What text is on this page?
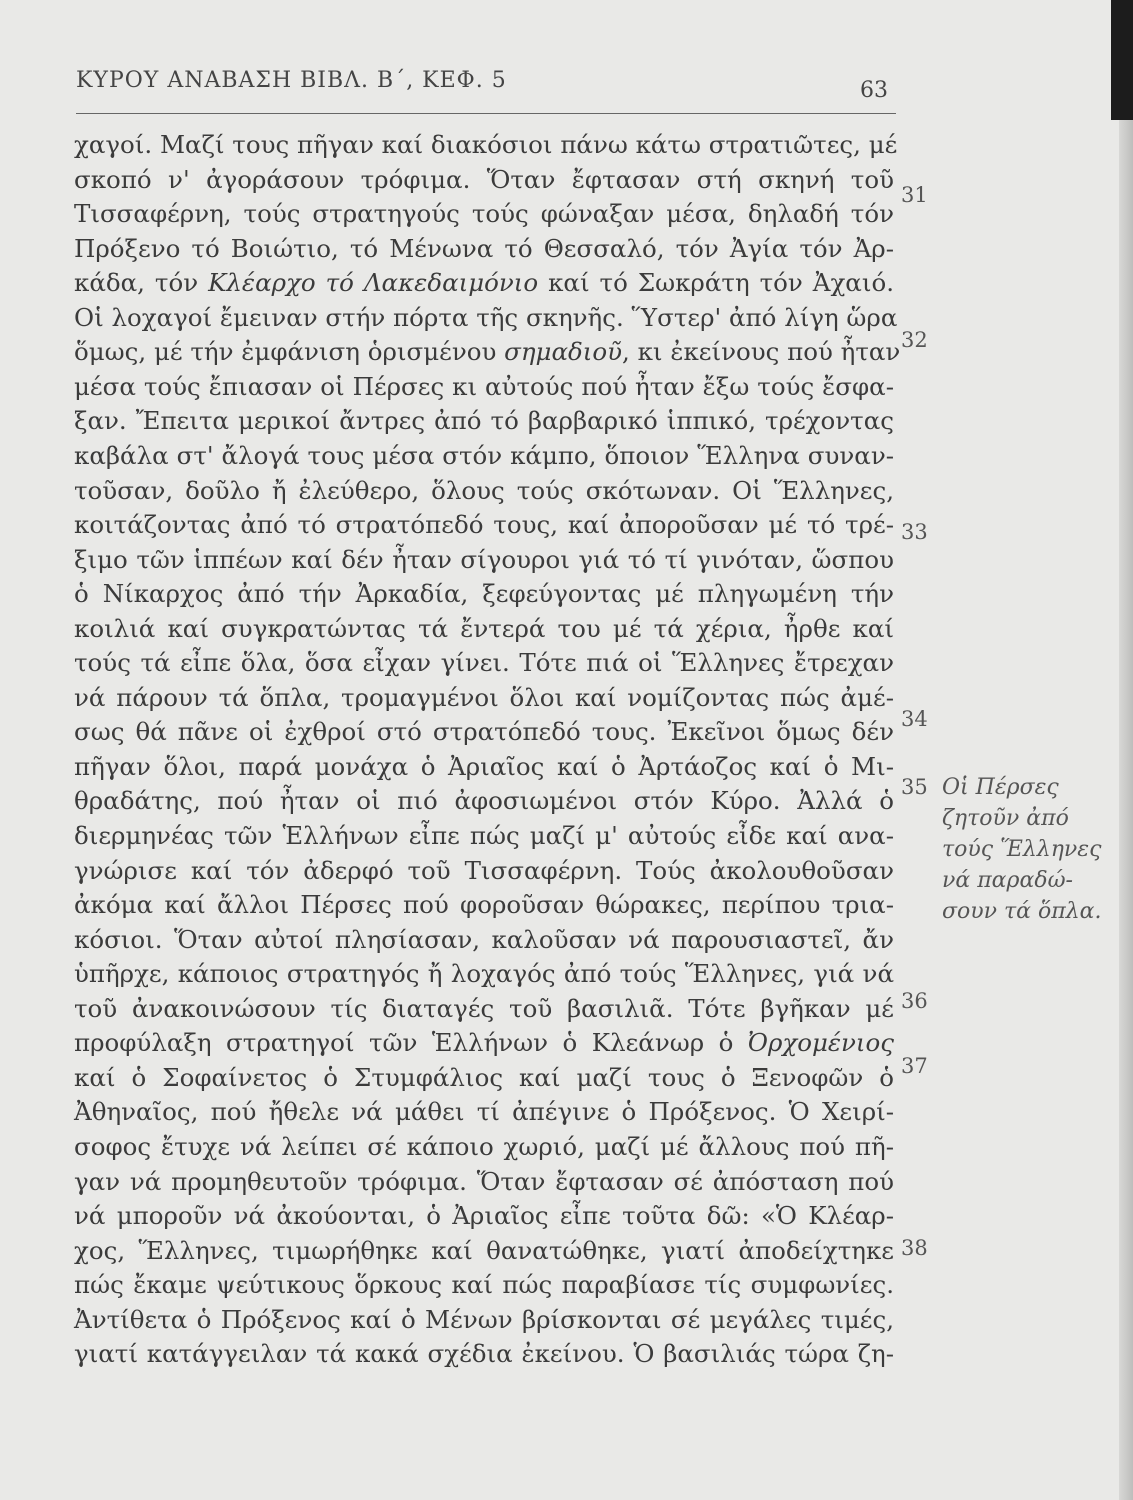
ΚΥΡΟΥ ΑΝΑΒΑΣΗ ΒΙΒΛ. Β΄, ΚΕΦ. 5	63
χαγοί. Μαζί τους πῆγαν καί διακόσιοι πάνω κάτω στρατιῶτες, μέ
σκοπό ν' ἀγοράσουν τρόφιμα. Ὅταν ἔφτασαν στή σκηνή τοῦ
Τισσαφέρνη, τούς στρατηγούς τούς φώναξαν μέσα, δηλαδή τόν
Πρόξενο τό Βοιώτιο, τό Μένωνα τό Θεσσαλό, τόν Ἀγία τόν Ἀρ-
κάδα, τόν Κλέαρχο τό Λακεδαιμόνιο καί τό Σωκράτη τόν Ἀχαιό.
Οἱ λοχαγοί ἔμειναν στήν πόρτα τῆς σκηνῆς. Ὕστερ' ἀπό λίγη ὥρα
ὅμως, μέ τήν ἐμφάνιση ὁρισμένου σημαδιοῦ, κι ἐκείνους πού ἦταν
μέσα τούς ἔπιασαν οἱ Πέρσες κι αὐτούς πού ἦταν ἔξω τούς ἔσφα-
ξαν. Ἔπειτα μερικοί ἄντρες ἀπό τό βαρβαρικό ἱππικό, τρέχοντας
καβάλα στ' ἄλογά τους μέσα στόν κάμπο, ὅποιον Ἕλληνα συναν-
τοῦσαν, δοῦλο ἤ ἐλεύθερο, ὅλους τούς σκότωναν. Οἱ Ἕλληνες,
κοιτάζοντας ἀπό τό στρατόπεδό τους, καί ἀποροῦσαν μέ τό τρέ-
ξιμο τῶν ἱππέων καί δέν ἦταν σίγουροι γιά τό τί γινόταν, ὥσπου
ὁ Νίκαρχος ἀπό τήν Ἀρκαδία, ξεφεύγοντας μέ πληγωμένη τήν
κοιλιά καί συγκρατώντας τά ἔντερά του μέ τά χέρια, ἦρθε καί
τούς τά εἶπε ὅλα, ὅσα εἶχαν γίνει. Τότε πιά οἱ Ἕλληνες ἔτρεχαν
νά πάρουν τά ὅπλα, τρομαγμένοι ὅλοι καί νομίζοντας πώς ἀμέ-
σως θά πᾶνε οἱ ἐχθροί στό στρατόπεδό τους. Ἐκεῖνοι ὅμως δέν
πῆγαν ὅλοι, παρά μονάχα ὁ Ἀριαῖος καί ὁ Ἀρτάοζος καί ὁ Μι-
θραδάτης, πού ἦταν οἱ πιό ἀφοσιωμένοι στόν Κύρο. Ἀλλά ὁ
διερμηνέας τῶν Ἑλλήνων εἶπε πώς μαζί μ' αὐτούς εἶδε καί ανα-
γνώρισε καί τόν ἀδερφό τοῦ Τισσαφέρνη. Τούς ἀκολουθοῦσαν
ἀκόμα καί ἄλλοι Πέρσες πού φοροῦσαν θώρακες, περίπου τρια-
κόσιοι. Ὅταν αὐτοί πλησίασαν, καλοῦσαν νά παρουσιαστεῖ, ἄν
ὑπῆρχε, κάποιος στρατηγός ἤ λοχαγός ἀπό τούς Ἕλληνες, γιά νά
τοῦ ἀνακοινώσουν τίς διαταγές τοῦ βασιλιᾶ. Τότε βγῆκαν μέ
προφύλαξη στρατηγοί τῶν Ἑλλήνων ὁ Κλεάνωρ ὁ Ὀρχομένιος
καί ὁ Σοφαίνετος ὁ Στυμφάλιος καί μαζί τους ὁ Ξενοφῶν ὁ
Ἀθηναῖος, πού ἤθελε νά μάθει τί ἀπέγινε ὁ Πρόξενος. Ὁ Χειρί-
σοφος ἔτυχε νά λείπει σέ κάποιο χωριό, μαζί μέ ἄλλους πού πῆ-
γαν νά προμηθευτοῦν τρόφιμα. Ὅταν ἔφτασαν σέ ἀπόσταση πού
νά μποροῦν νά ἀκούονται, ὁ Ἀριαῖος εἶπε τοῦτα δῶ: «Ὁ Κλέαρ-
χος, Ἕλληνες, τιμωρήθηκε καί θανατώθηκε, γιατί ἀποδείχτηκε
πώς ἔκαμε ψεύτικους ὅρκους καί πώς παραβίασε τίς συμφωνίες.
Ἀντίθετα ὁ Πρόξενος καί ὁ Μένων βρίσκονται σέ μεγάλες τιμές,
γιατί κατάγγειλαν τά κακά σχέδια ἐκείνου. Ὁ βασιλιάς τώρα ζη-
31
32
33
34
35
36
37
38
Οἱ Πέρσες
ζητοῦν ἀπό
τούς Ἕλληνες
νά παραδώ-
σουν τά ὅπλα.
